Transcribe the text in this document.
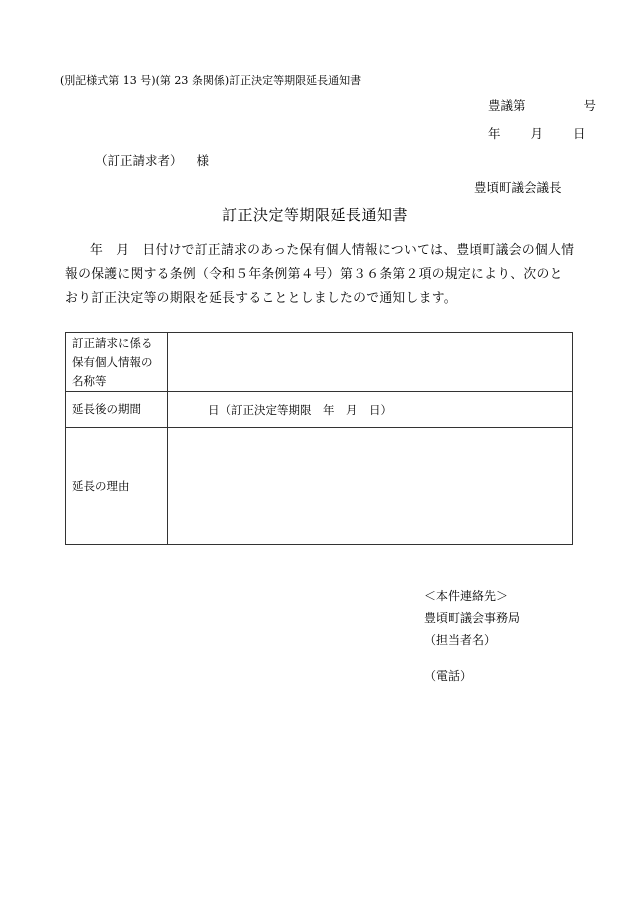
(別記様式第 13 号)(第 23 条関係)訂正決定等期限延長通知書
豊議第	号
年 月 日
（訂正請求者） 様
豊頃町議会議長
訂正決定等期限延長通知書
年　月　日付けで訂正請求のあった保有個人情報については、豊頃町議会の個人情報の保護に関する条例（令和５年条例第４号）第３６条第２項の規定により、次のとおり訂正決定等の期限を延長することとしましたので通知します。
訂正請求に係る保有個人情報の名称等	
延長後の期間	日（訂正決定等期限　年　月　日）
延長の理由	
＜本件連絡先＞
豊頃町議会事務局
（担当者名）
（電話）
